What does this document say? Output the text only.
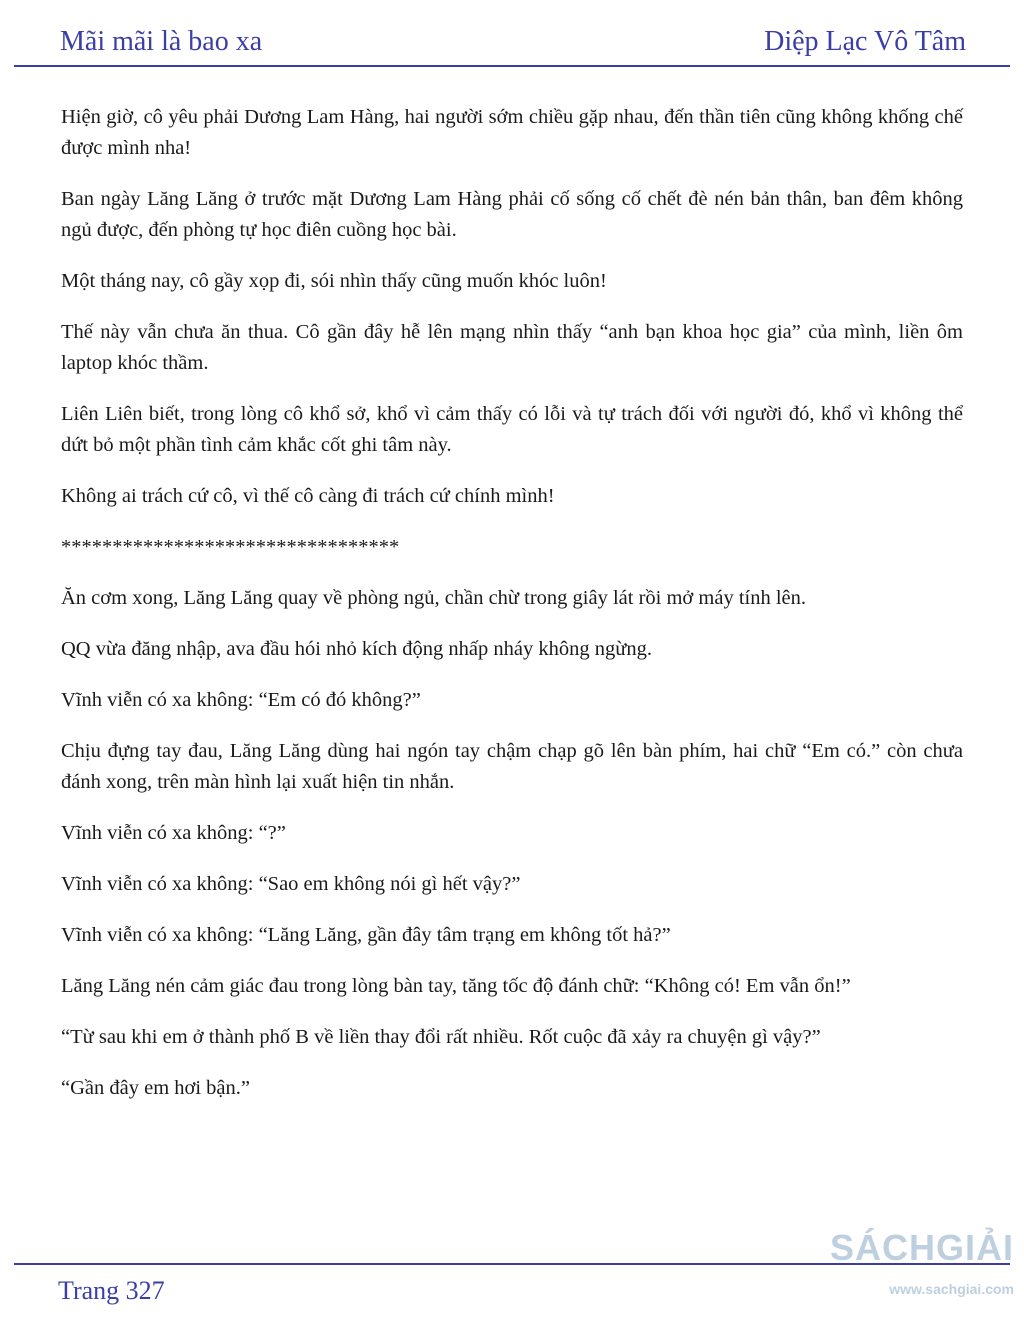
Mãi mãi là bao xa	Diệp Lạc Vô Tâm

Hiện giờ, cô yêu phải Dương Lam Hàng, hai người sớm chiều gặp nhau, đến thần tiên cũng không khống chế được mình nha!

Ban ngày Lăng Lăng ở trước mặt Dương Lam Hàng phải cố sống cố chết đè nén bản thân, ban đêm không ngủ được, đến phòng tự học điên cuồng học bài.

Một tháng nay, cô gầy xọp đi, sói nhìn thấy cũng muốn khóc luôn!

Thế này vẫn chưa ăn thua. Cô gần đây hễ lên mạng nhìn thấy “anh bạn khoa học gia” của mình, liền ôm laptop khóc thầm.

Liên Liên biết, trong lòng cô khổ sở, khổ vì cảm thấy có lỗi và tự trách đối với người đó, khổ vì không thể dứt bỏ một phần tình cảm khắc cốt ghi tâm này.

Không ai trách cứ cô, vì thế cô càng đi trách cứ chính mình!

*********************************

Ăn cơm xong, Lăng Lăng quay về phòng ngủ, chần chừ trong giây lát rồi mở máy tính lên.

QQ vừa đăng nhập, ava đầu hói nhỏ kích động nhấp nháy không ngừng.

Vĩnh viễn có xa không: “Em có đó không?”

Chịu đựng tay đau, Lăng Lăng dùng hai ngón tay chậm chạp gõ lên bàn phím, hai chữ “Em có.” còn chưa đánh xong, trên màn hình lại xuất hiện tin nhắn.

Vĩnh viễn có xa không: “?”

Vĩnh viễn có xa không: “Sao em không nói gì hết vậy?”

Vĩnh viễn có xa không: “Lăng Lăng, gần đây tâm trạng em không tốt hả?”

Lăng Lăng nén cảm giác đau trong lòng bàn tay, tăng tốc độ đánh chữ: “Không có! Em vẫn ổn!”

“Từ sau khi em ở thành phố B về liền thay đổi rất nhiều. Rốt cuộc đã xảy ra chuyện gì vậy?”

“Gần đây em hơi bận.”

Trang 327
SÁCHGIẢI
www.sachgiai.com
